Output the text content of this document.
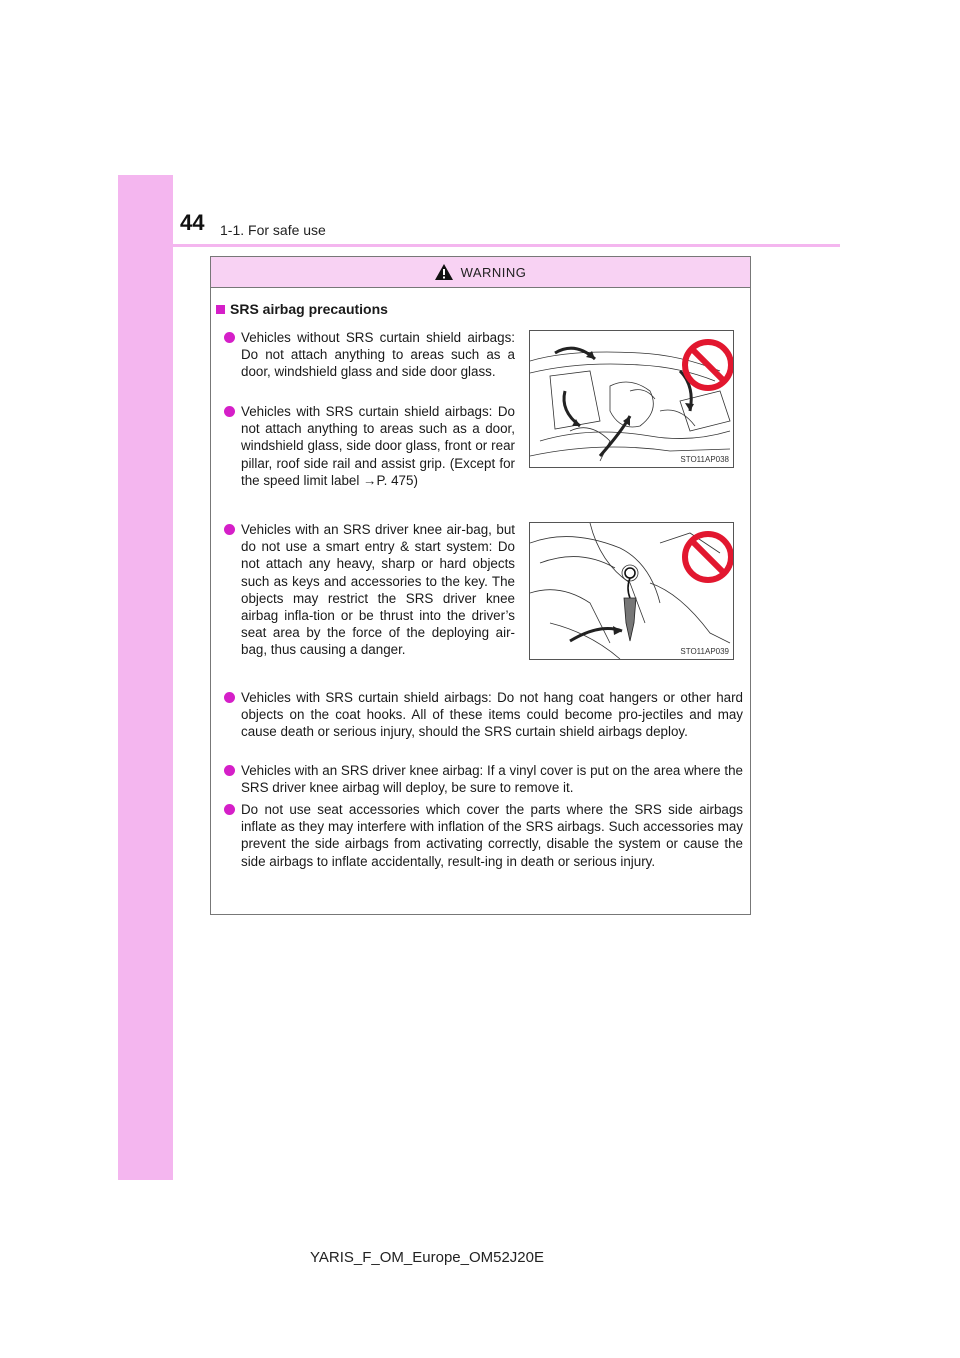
44 1-1. For safe use
WARNING
SRS airbag precautions
Vehicles without SRS curtain shield airbags: Do not attach anything to areas such as a door, windshield glass and side door glass.
Vehicles with SRS curtain shield airbags: Do not attach anything to areas such as a door, windshield glass, side door glass, front or rear pillar, roof side rail and assist grip. (Except for the speed limit label →P. 475)
STO11AP038
Vehicles with an SRS driver knee air-bag, but do not use a smart entry & start system: Do not attach any heavy, sharp or hard objects such as keys and accessories to the key. The objects may restrict the SRS driver knee airbag infla-tion or be thrust into the driver’s seat area by the force of the deploying air-bag, thus causing a danger.	STO11AP039
Vehicles with SRS curtain shield airbags: Do not hang coat hangers or other hard objects on the coat hooks. All of these items could become pro-jectiles and may cause death or serious injury, should the SRS curtain shield airbags deploy.
Vehicles with an SRS driver knee airbag: If a vinyl cover is put on the area where the SRS driver knee airbag will deploy, be sure to remove it.
Do not use seat accessories which cover the parts where the SRS side airbags inflate as they may interfere with inflation of the SRS airbags. Such accessories may prevent the side airbags from activating correctly, disable the system or cause the side airbags to inflate accidentally, result-ing in death or serious injury.
YARIS_F_OM_Europe_OM52J20E
